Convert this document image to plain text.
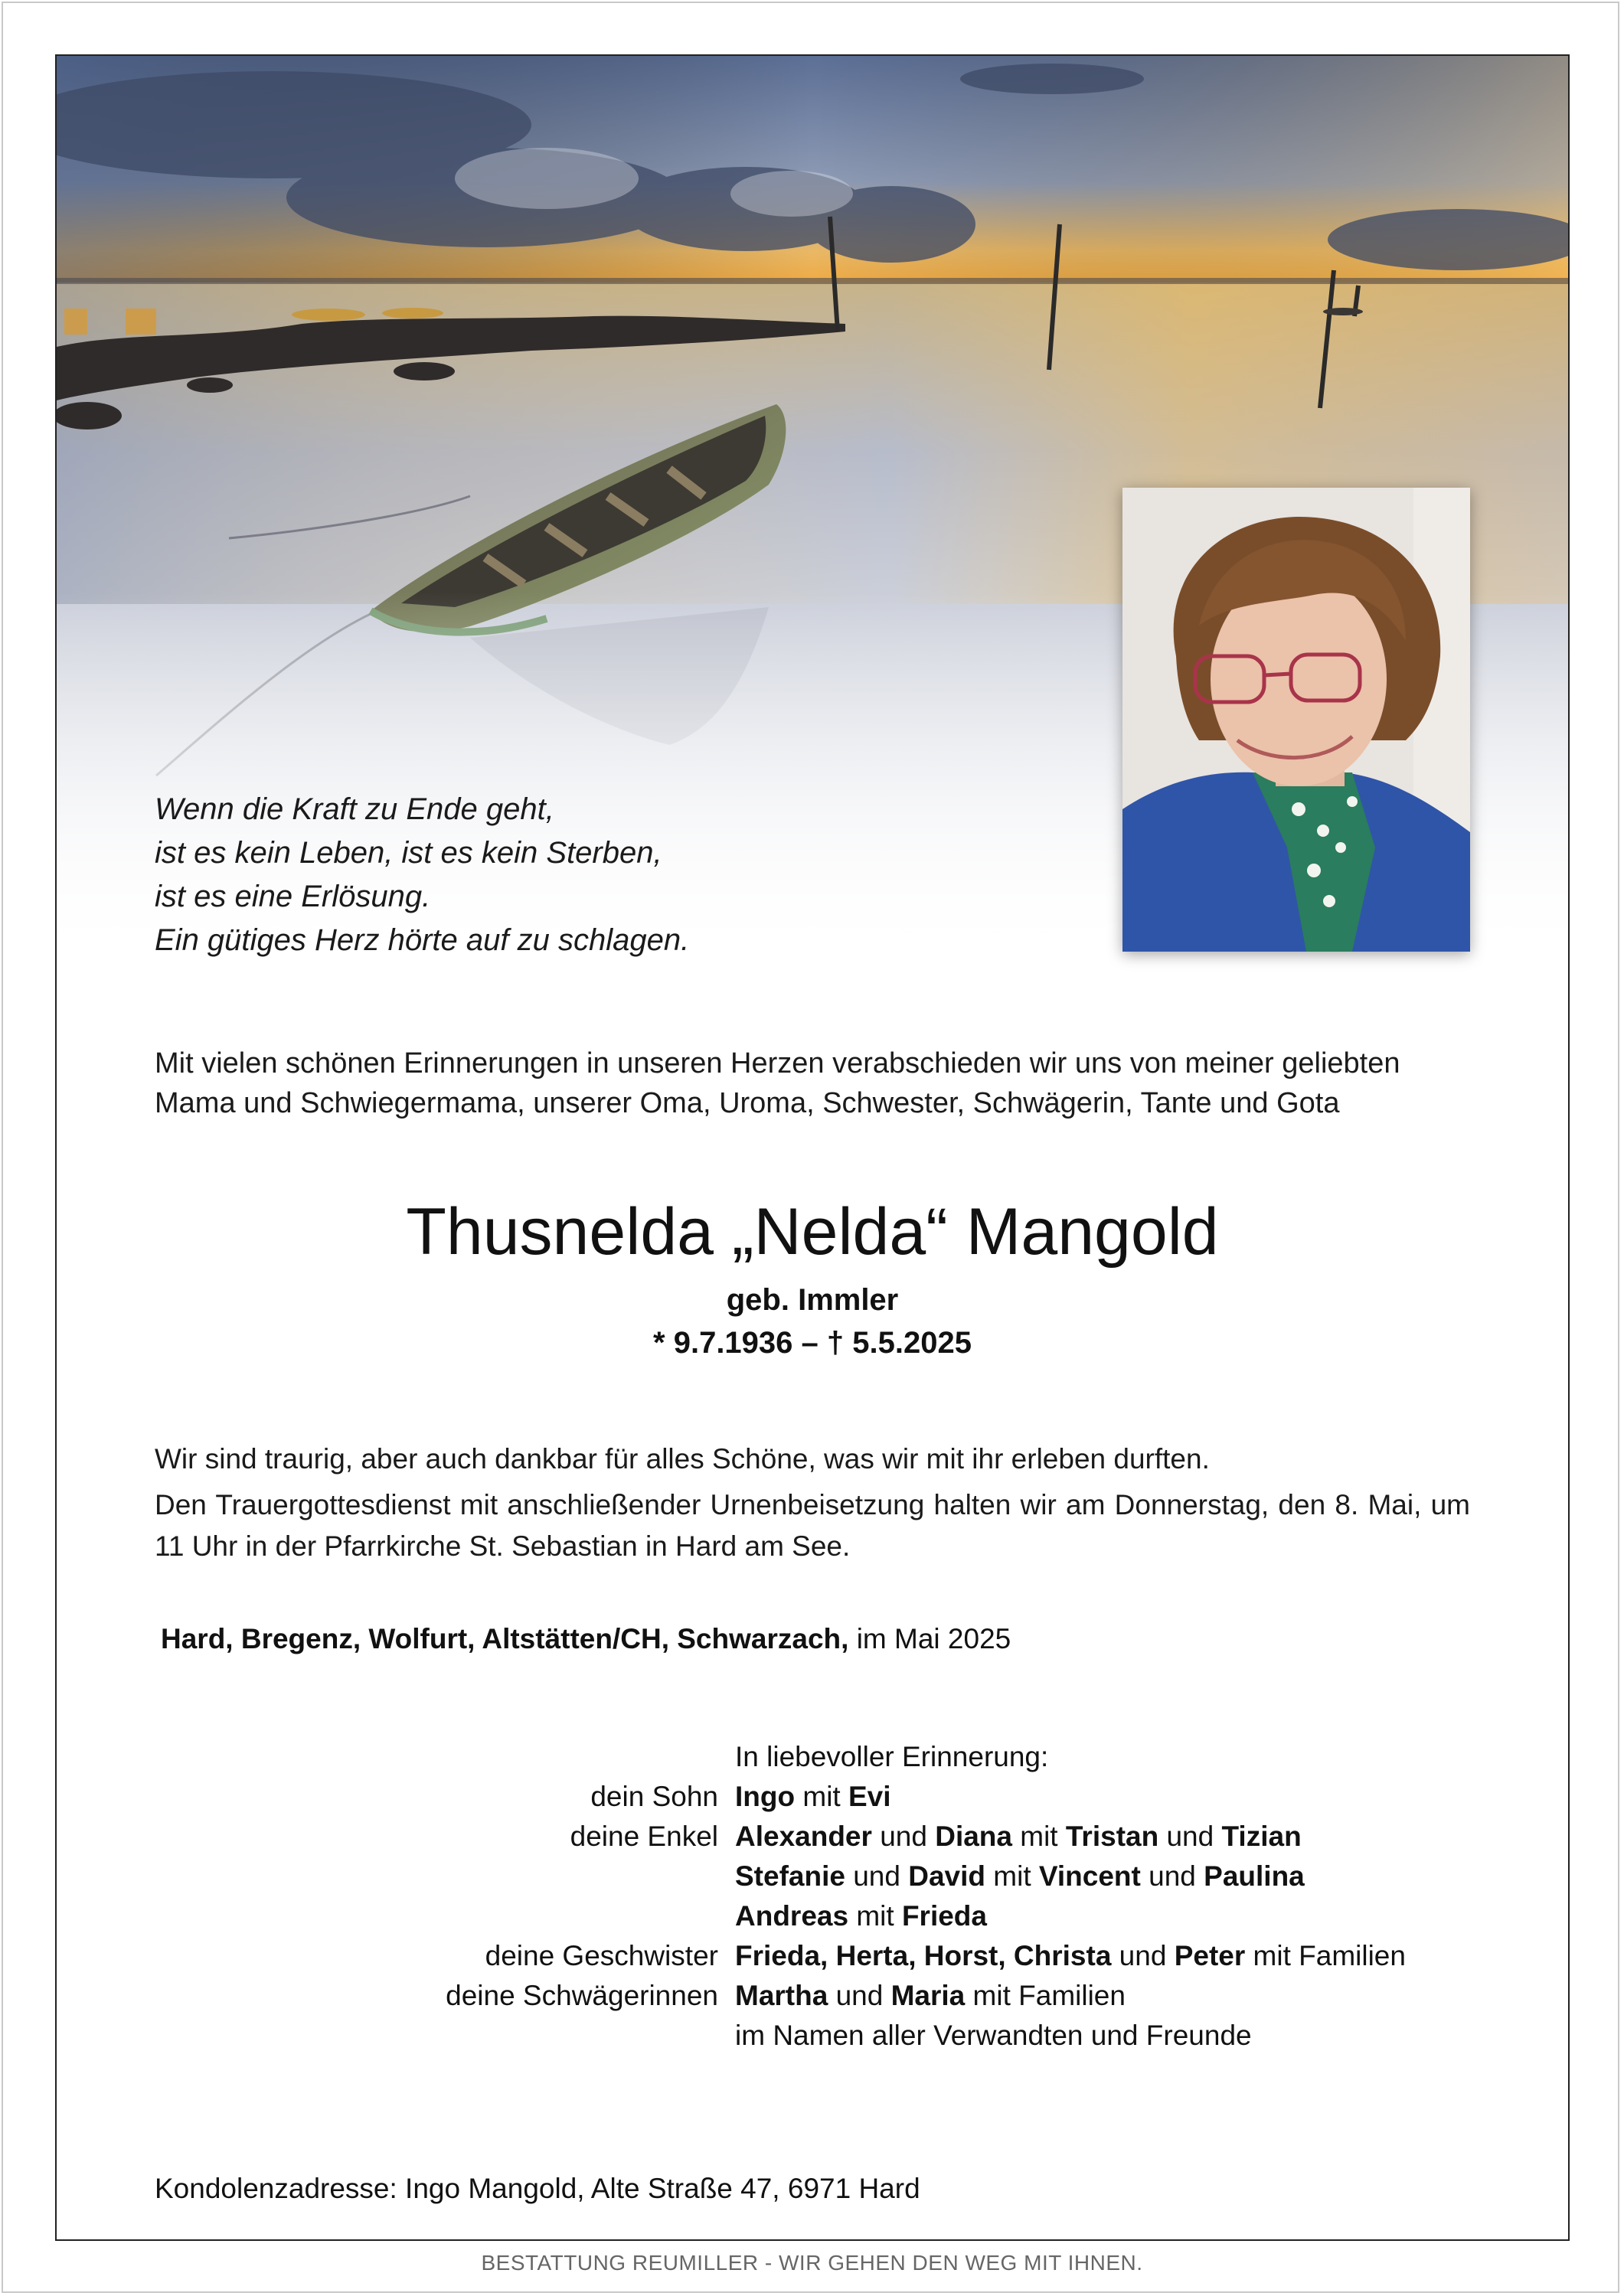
Wenn die Kraft zu Ende geht,
ist es kein Leben, ist es kein Sterben,
ist es eine Erlösung.
Ein gütiges Herz hörte auf zu schlagen.
Mit vielen schönen Erinnerungen in unseren Herzen verabschieden wir uns von meiner geliebten
Mama und Schwiegermama, unserer Oma, Uroma, Schwester, Schwägerin, Tante und Gota
Thusnelda „Nelda“ Mangold
geb. Immler
* 9.7.1936 – † 5.5.2025
Wir sind traurig, aber auch dankbar für alles Schöne, was wir mit ihr erleben durften.
Den Trauergottesdienst mit anschließender Urnenbeisetzung halten wir am Donnerstag, den 8. Mai, um 11 Uhr in der Pfarrkirche St. Sebastian in Hard am See.
Hard, Bregenz, Wolfurt, Altstätten/CH, Schwarzach, im Mai 2025
In liebevoller Erinnerung:
dein Sohn Ingo mit Evi
deine Enkel Alexander und Diana mit Tristan und Tizian
Stefanie und David mit Vincent und Paulina
Andreas mit Frieda
deine Geschwister Frieda, Herta, Horst, Christa und Peter mit Familien
deine Schwägerinnen Martha und Maria mit Familien
im Namen aller Verwandten und Freunde
Kondolenzadresse: Ingo Mangold, Alte Straße 47, 6971 Hard
BESTATTUNG REUMILLER - WIR GEHEN DEN WEG MIT IHNEN.
